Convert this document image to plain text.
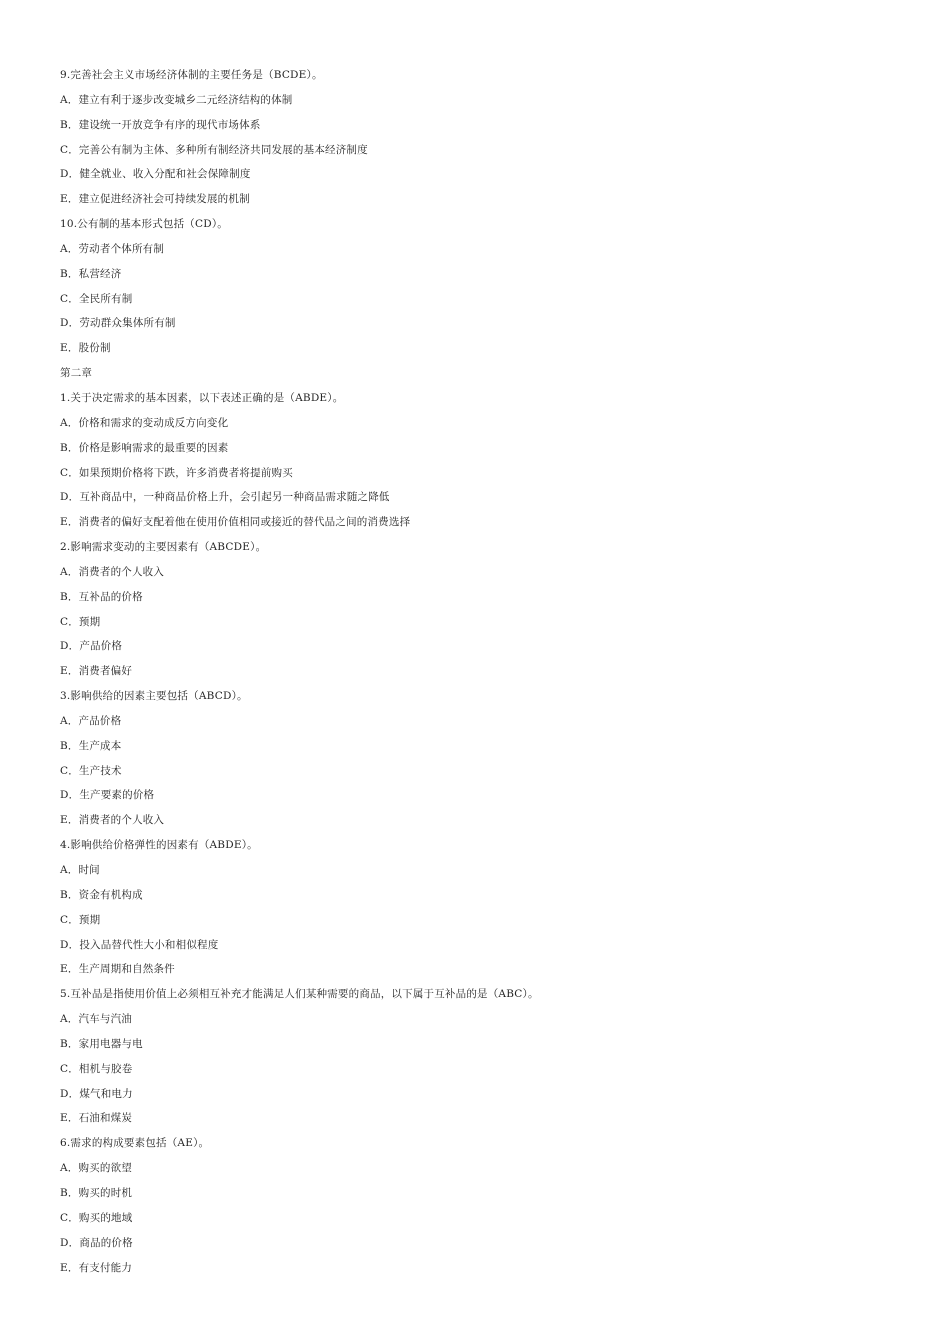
9.完善社会主义市场经济体制的主要任务是（BCDE）。
A．建立有利于逐步改变城乡二元经济结构的体制
B．建设统一开放竞争有序的现代市场体系
C．完善公有制为主体、多种所有制经济共同发展的基本经济制度
D．健全就业、收入分配和社会保障制度
E．建立促进经济社会可持续发展的机制
10.公有制的基本形式包括（CD）。
A．劳动者个体所有制
B．私营经济
C．全民所有制
D．劳动群众集体所有制
E．股份制
第二章
1.关于决定需求的基本因素，以下表述正确的是（ABDE）。
A．价格和需求的变动成反方向变化
B．价格是影响需求的最重要的因素
C．如果预期价格将下跌，许多消费者将提前购买
D．互补商品中，一种商品价格上升，会引起另一种商品需求随之降低
E．消费者的偏好支配着他在使用价值相同或接近的替代品之间的消费选择
2.影响需求变动的主要因素有（ABCDE）。
A．消费者的个人收入
B．互补品的价格
C．预期
D．产品价格
E．消费者偏好
3.影响供给的因素主要包括（ABCD）。
A．产品价格
B．生产成本
C．生产技术
D．生产要素的价格
E．消费者的个人收入
4.影响供给价格弹性的因素有（ABDE）。
A．时间
B．资金有机构成
C．预期
D．投入品替代性大小和相似程度
E．生产周期和自然条件
5.互补品是指使用价值上必须相互补充才能满足人们某种需要的商品，以下属于互补品的是（ABC）。
A．汽车与汽油
B．家用电器与电
C．相机与胶卷
D．煤气和电力
E．石油和煤炭
6.需求的构成要素包括（AE）。
A．购买的欲望
B．购买的时机
C．购买的地域
D．商品的价格
E．有支付能力
